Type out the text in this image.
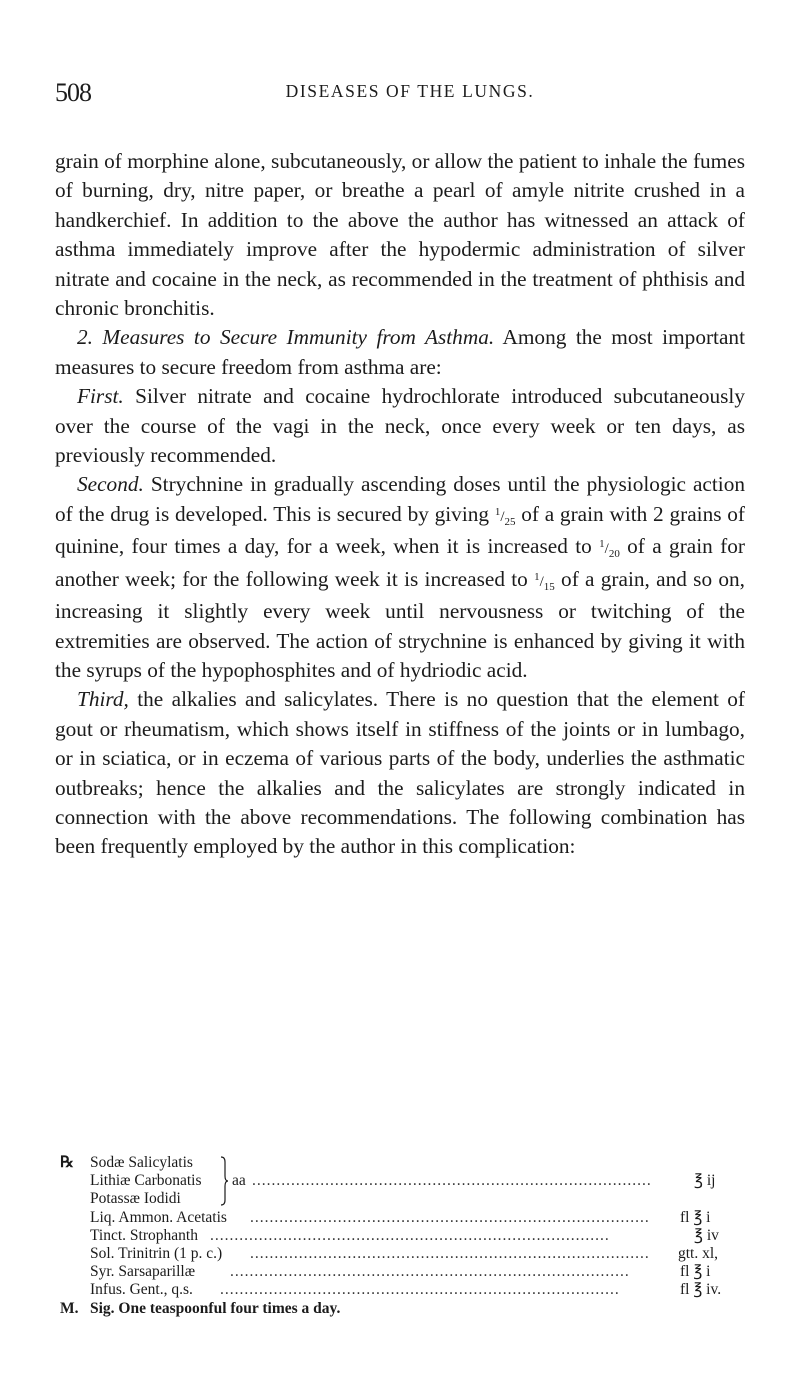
508	DISEASES OF THE LUNGS.

grain of morphine alone, subcutaneously, or allow the patient to inhale the fumes of burning, dry, nitre paper, or breathe a pearl of amyle nitrite crushed in a handkerchief. In addition to the above the author has witnessed an attack of asthma immediately improve after the hypodermic administration of silver nitrate and cocaine in the neck, as recommended in the treatment of phthisis and chronic bronchitis.

2. Measures to Secure Immunity from Asthma. Among the most important measures to secure freedom from asthma are:

First. Silver nitrate and cocaine hydrochlorate introduced subcutaneously over the course of the vagi in the neck, once every week or ten days, as previously recommended.

Second. Strychnine in gradually ascending doses until the physiologic action of the drug is developed. This is secured by giving $^1/_{25}$ of a grain with 2 grains of quinine, four times a day, for a week, when it is increased to $^1/_{20}$ of a grain for another week; for the following week it is increased to $^1/_{15}$ of a grain, and so on, increasing it slightly every week until nervousness or twitching of the extremities are observed. The action of strychnine is enhanced by giving it with the syrups of the hypophosphites and of hydriodic acid.

Third, the alkalies and salicylates. There is no question that the element of gout or rheumatism, which shows itself in stiffness of the joints or in lumbago, or in sciatica, or in eczema of various parts of the body, underlies the asthmatic outbreaks; hence the alkalies and the salicylates are strongly indicated in connection with the above recommendations. The following combination has been frequently employed by the author in this complication:

℞ Sodæ Salicylatis
Lithiæ Carbonatis aa ..................................................................................	℥ ij
Potassæ Iodidi
Liq. Ammon. Acetatis ..................................................................................	fl ℥ i
Tinct. Strophanth ..................................................................................	℥ iv
Sol. Trinitrin (1 p. c.) ..................................................................................	gtt. xl,
Syr. Sarsaparillæ ..................................................................................	fl ℥ i
Infus. Gent., q.s. ..................................................................................	fl ℥ iv.
M. Sig. One teaspoonful four times a day.
